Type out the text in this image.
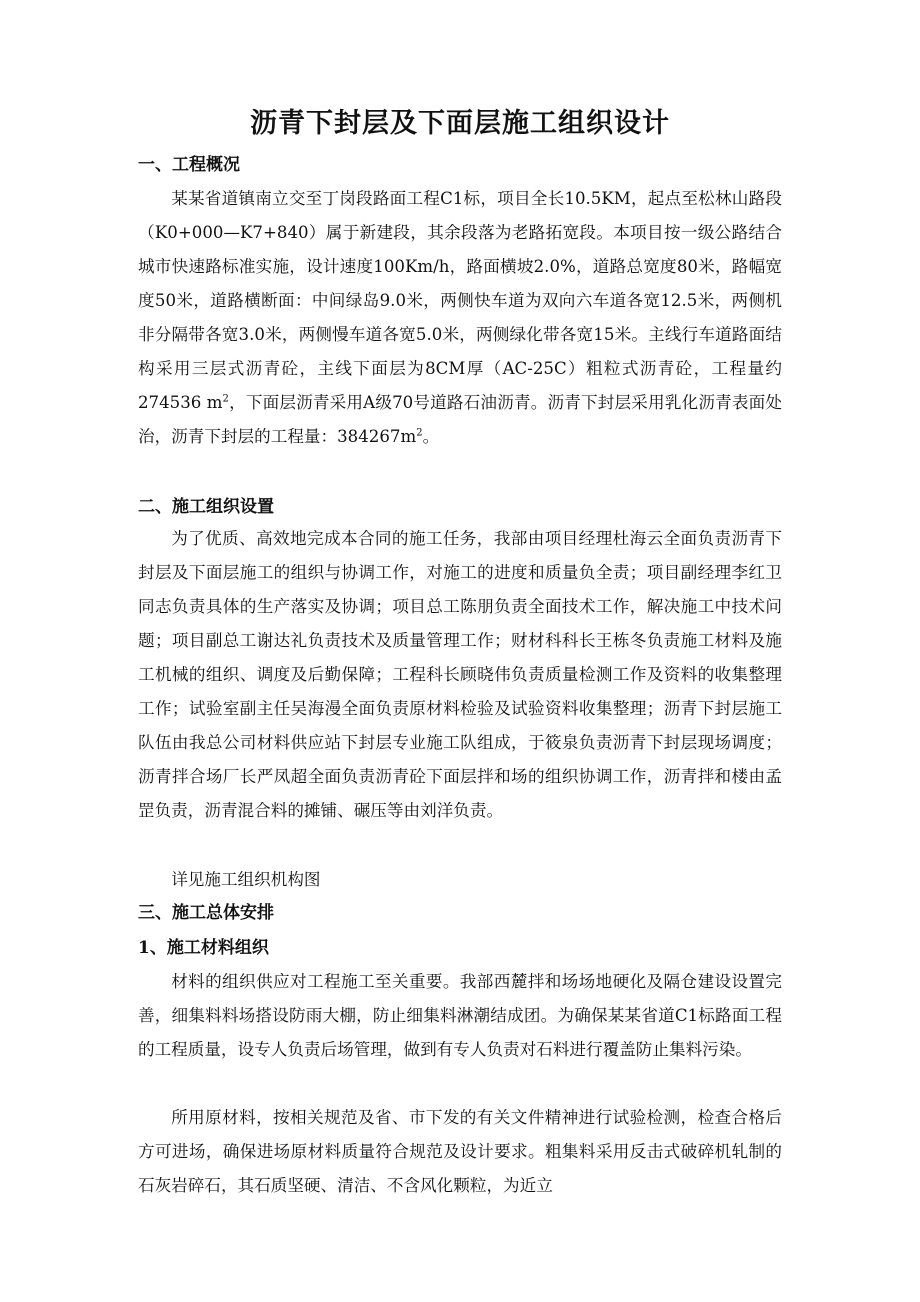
沥青下封层及下面层施工组织设计
一、工程概况

某某省道镇南立交至丁岗段路面工程C1标，项目全长10.5KM，起点至松林山路段（K0+000—K7+840）属于新建段，其余段落为老路拓宽段。本项目按一级公路结合城市快速路标准实施，设计速度100Km/h，路面横坡2.0%，道路总宽度80米，路幅宽度50米，道路横断面：中间绿岛9.0米，两侧快车道为双向六车道各宽12.5米，两侧机非分隔带各宽3.0米，两侧慢车道各宽5.0米，两侧绿化带各宽15米。主线行车道路面结构采用三层式沥青砼，主线下面层为8CM厚（AC-25C）粗粒式沥青砼，工程量约274536 $m^2$，下面层沥青采用A级70号道路石油沥青。沥青下封层采用乳化沥青表面处治，沥青下封层的工程量：$384267m^2$。

二、施工组织设置

为了优质、高效地完成本合同的施工任务，我部由项目经理杜海云全面负责沥青下封层及下面层施工的组织与协调工作，对施工的进度和质量负全责；项目副经理李红卫同志负责具体的生产落实及协调；项目总工陈朋负责全面技术工作，解决施工中技术问题；项目副总工谢达礼负责技术及质量管理工作；财材科科长王栋冬负责施工材料及施工机械的组织、调度及后勤保障；工程科长顾晓伟负责质量检测工作及资料的收集整理工作；试验室副主任吴海漫全面负责原材料检验及试验资料收集整理；沥青下封层施工队伍由我总公司材料供应站下封层专业施工队组成，于筱泉负责沥青下封层现场调度；沥青拌合场厂长严凤超全面负责沥青砼下面层拌和场的组织协调工作，沥青拌和楼由孟罡负责，沥青混合料的摊铺、碾压等由刘洋负责。

详见施工组织机构图

三、施工总体安排
1、施工材料组织

材料的组织供应对工程施工至关重要。我部西麓拌和场场地硬化及隔仓建设设置完善，细集料料场搭设防雨大棚，防止细集料淋潮结成团。为确保某某省道C1标路面工程的工程质量，设专人负责后场管理，做到有专人负责对石料进行覆盖防止集料污染。

所用原材料，按相关规范及省、市下发的有关文件精神进行试验检测，检查合格后方可进场，确保进场原材料质量符合规范及设计要求。粗集料采用反击式破碎机轧制的石灰岩碎石，其石质坚硬、清洁、不含风化颗粒，为近立
